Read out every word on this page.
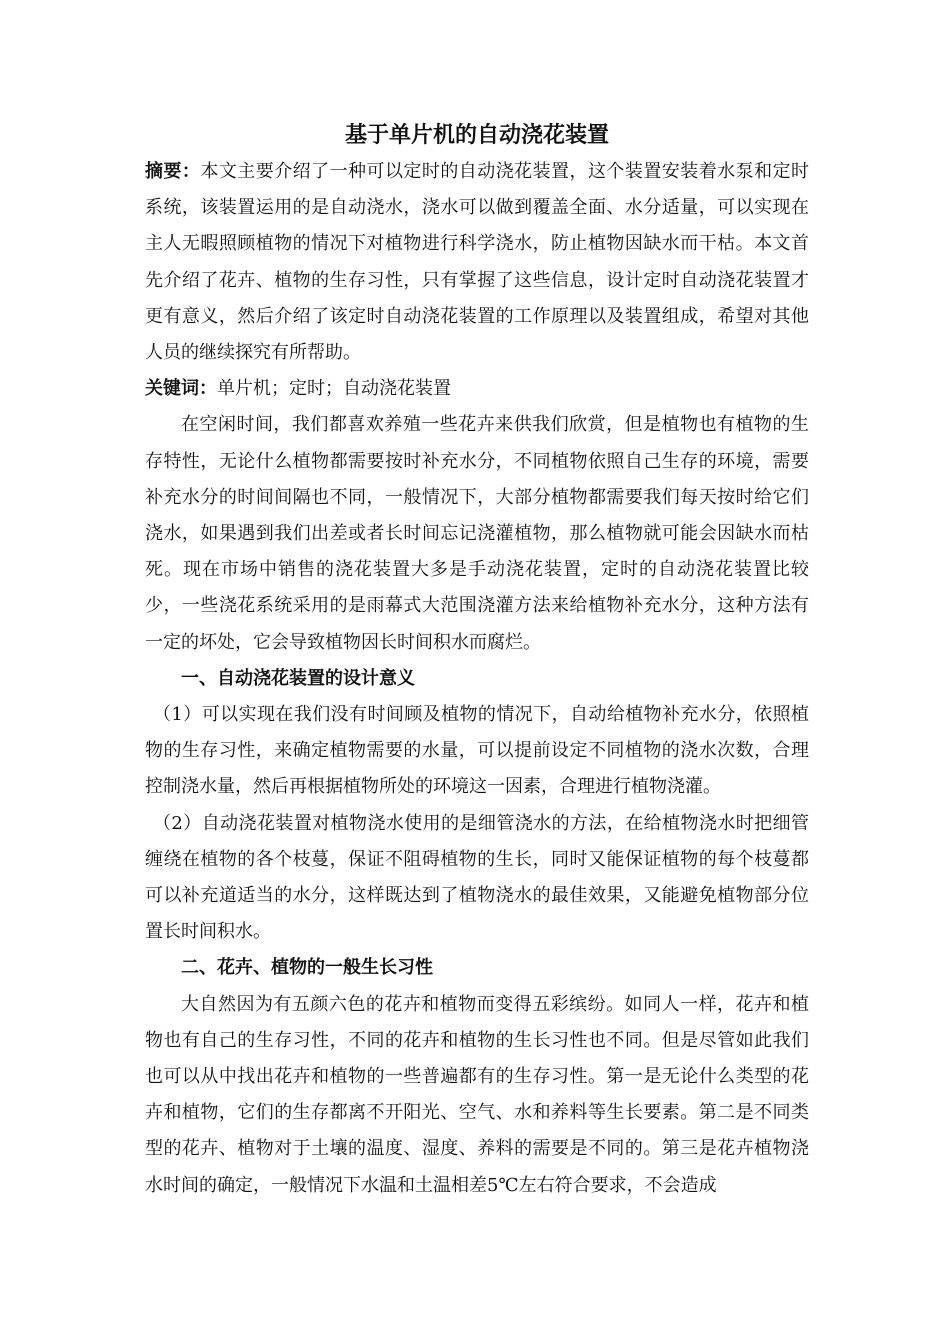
基于单片机的自动浇花装置

摘要：本文主要介绍了一种可以定时的自动浇花装置，这个装置安装着水泵和定时系统，该装置运用的是自动浇水，浇水可以做到覆盖全面、水分适量，可以实现在主人无暇照顾植物的情况下对植物进行科学浇水，防止植物因缺水而干枯。本文首先介绍了花卉、植物的生存习性，只有掌握了这些信息，设计定时自动浇花装置才更有意义，然后介绍了该定时自动浇花装置的工作原理以及装置组成，希望对其他人员的继续探究有所帮助。

关键词：单片机；定时；自动浇花装置

在空闲时间，我们都喜欢养殖一些花卉来供我们欣赏，但是植物也有植物的生存特性，无论什么植物都需要按时补充水分，不同植物依照自己生存的环境，需要补充水分的时间间隔也不同，一般情况下，大部分植物都需要我们每天按时给它们浇水，如果遇到我们出差或者长时间忘记浇灌植物，那么植物就可能会因缺水而枯死。现在市场中销售的浇花装置大多是手动浇花装置，定时的自动浇花装置比较少，一些浇花系统采用的是雨幕式大范围浇灌方法来给植物补充水分，这种方法有一定的坏处，它会导致植物因长时间积水而腐烂。

一、自动浇花装置的设计意义

（1）可以实现在我们没有时间顾及植物的情况下，自动给植物补充水分，依照植物的生存习性，来确定植物需要的水量，可以提前设定不同植物的浇水次数，合理控制浇水量，然后再根据植物所处的环境这一因素，合理进行植物浇灌。

（2）自动浇花装置对植物浇水使用的是细管浇水的方法，在给植物浇水时把细管缠绕在植物的各个枝蔓，保证不阻碍植物的生长，同时又能保证植物的每个枝蔓都可以补充道适当的水分，这样既达到了植物浇水的最佳效果，又能避免植物部分位置长时间积水。

二、花卉、植物的一般生长习性

大自然因为有五颜六色的花卉和植物而变得五彩缤纷。如同人一样，花卉和植物也有自己的生存习性，不同的花卉和植物的生长习性也不同。但是尽管如此我们也可以从中找出花卉和植物的一些普遍都有的生存习性。第一是无论什么类型的花卉和植物，它们的生存都离不开阳光、空气、水和养料等生长要素。第二是不同类型的花卉、植物对于土壤的温度、湿度、养料的需要是不同的。第三是花卉植物浇水时间的确定，一般情况下水温和土温相差5℃左右符合要求，不会造成
